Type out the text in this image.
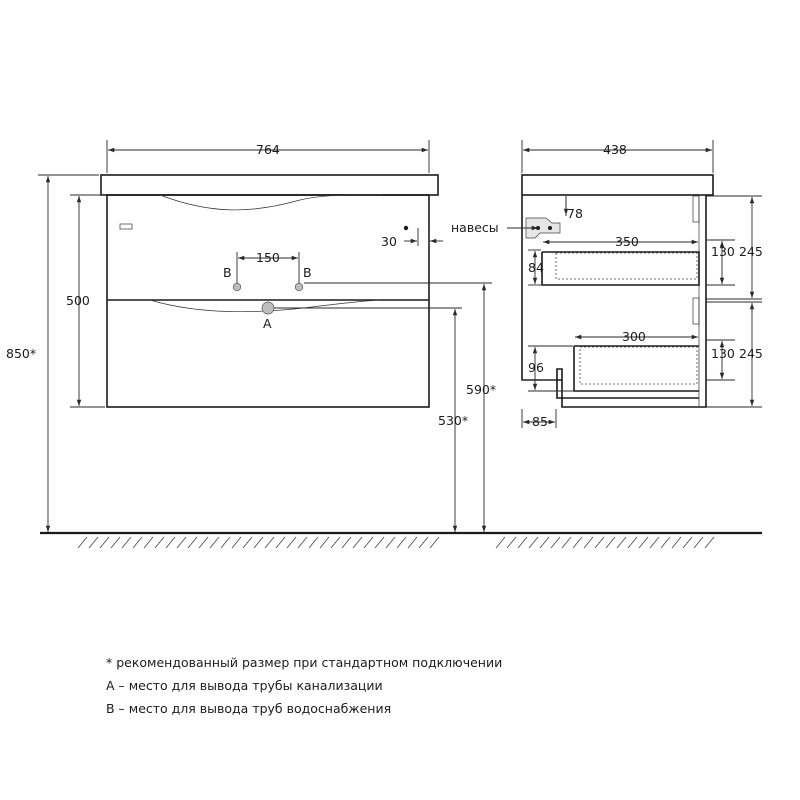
764
850*
500
150
B	B
A
30
590*
530*
438
78
навесы
350
84
300
96
85
130 245
130 245
* рекомендованный размер при стандартном подключении
А – место для вывода трубы канализации
В – место для вывода труб водоснабжения
